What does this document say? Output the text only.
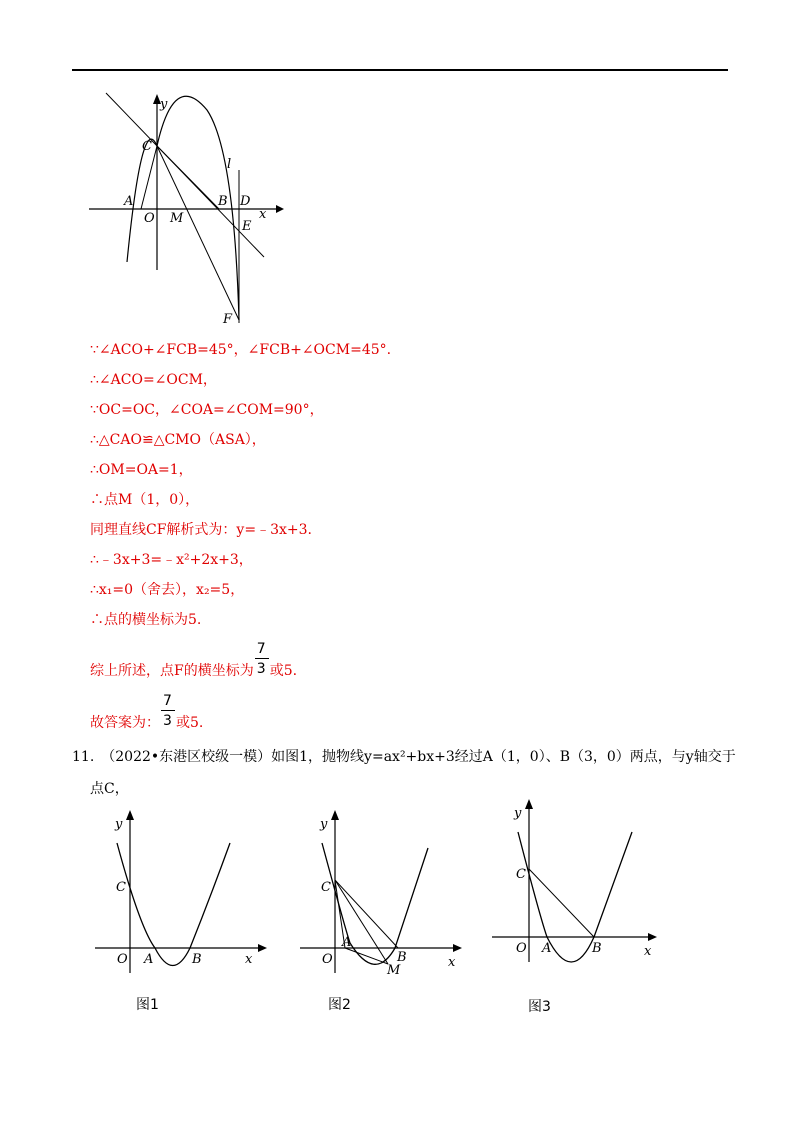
y
C
l
A
O M
B D
x
E
F
∵∠ACO+∠FCB=45°，∠FCB+∠OCM=45°.
∴∠ACO=∠OCM，
∵OC=OC，∠COA=∠COM=90°，
∴△CAO≌△CMO（ASA），
∴OM=OA=1，
∴点M（1，0），
同理直线CF解析式为：y=﹣3x+3.
∴﹣3x+3=﹣x²+2x+3，
∴x₁=0（舍去），x₂=5，
∴点的横坐标为5.
综上所述，点F的横坐标为 $\frac{7}{3}$ 或5.
故答案为： $\frac{7}{3}$ 或5.
11.　（2022•东港区校级一模）如图1，抛物线y=ax²+bx+3经过A（1，0）、B（3，0）两点，与y轴交于
点C，
y
C
O A	B	x
图1
y
C
O
A
B
M
x
图2
y
C
O A	B	x
图3
